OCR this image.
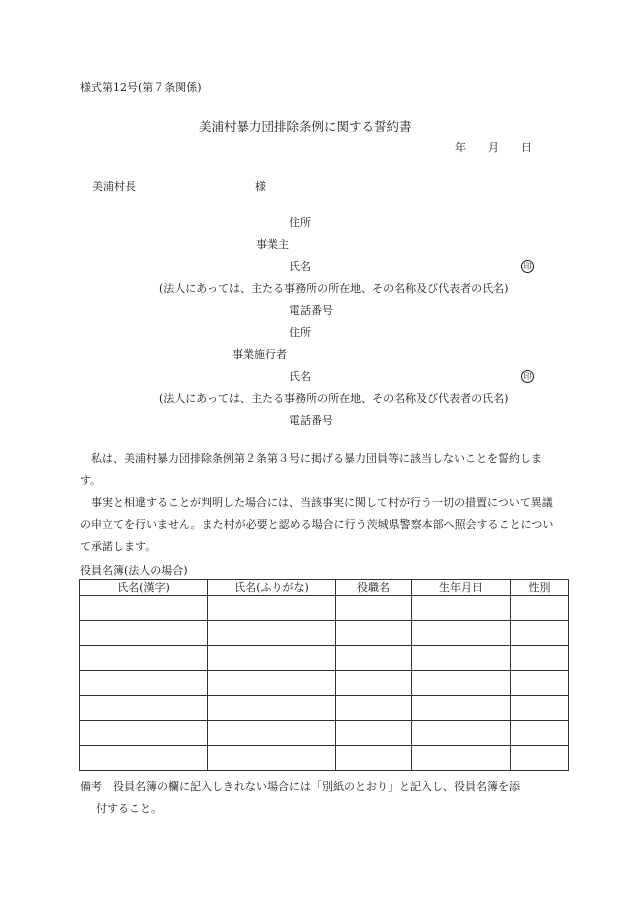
様式第12号(第７条関係)
美浦村暴力団排除条例に関する誓約書
年 月 日
美浦村長	様
住所
事業主
氏名	印
(法人にあっては、主たる事務所の所在地、その名称及び代表者の氏名)
電話番号
住所
事業施行者
氏名	印
(法人にあっては、主たる事務所の所在地、その名称及び代表者の氏名)
電話番号

私は、美浦村暴力団排除条例第２条第３号に掲げる暴力団員等に該当しないことを誓約します。

事実と相違することが判明した場合には、当該事実に関して村が行う一切の措置について異議の申立てを行いません。また村が必要と認める場合に行う茨城県警察本部へ照会することについて承諾します。

役員名簿(法人の場合)
氏名(漢字)	氏名(ふりがな)	役職名	生年月日	性別

備考　 役員名簿の欄に記入しきれない場合には「別紙のとおり」と記入し、役員名簿を添
付すること。
